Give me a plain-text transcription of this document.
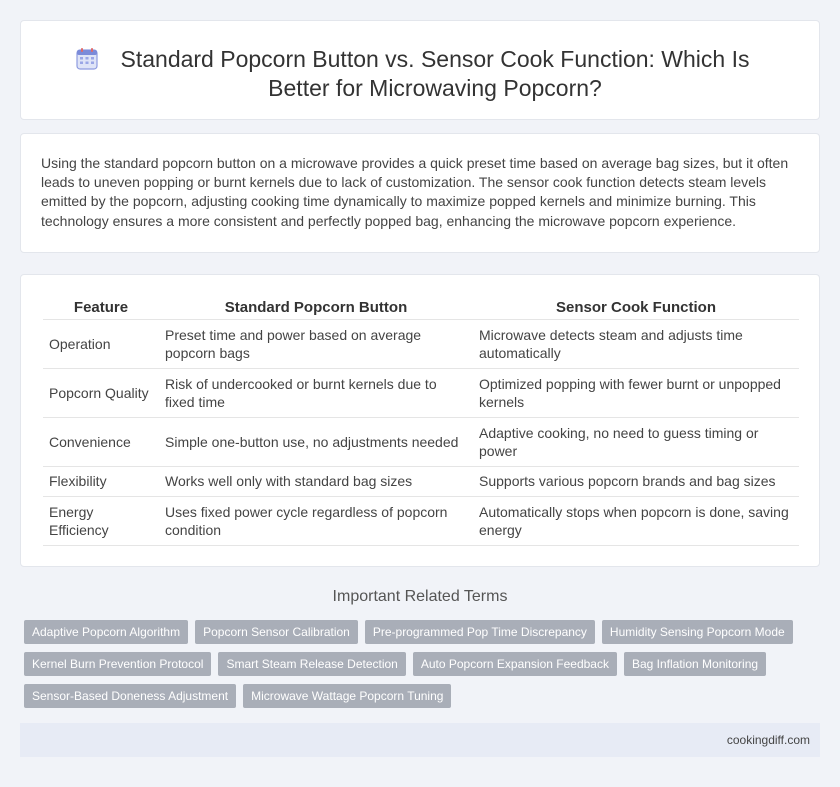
Standard Popcorn Button vs. Sensor Cook Function: Which Is Better for Microwaving Popcorn?

Using the standard popcorn button on a microwave provides a quick preset time based on average bag sizes, but it often leads to uneven popping or burnt kernels due to lack of customization. The sensor cook function detects steam levels emitted by the popcorn, adjusting cooking time dynamically to maximize popped kernels and minimize burning. This technology ensures a more consistent and perfectly popped bag, enhancing the microwave popcorn experience.

Feature	Standard Popcorn Button	Sensor Cook Function
Operation	Preset time and power based on average popcorn bags	Microwave detects steam and adjusts time automatically
Popcorn Quality	Risk of undercooked or burnt kernels due to fixed time	Optimized popping with fewer burnt or unpopped kernels
Convenience	Simple one-button use, no adjustments needed	Adaptive cooking, no need to guess timing or power
Flexibility	Works well only with standard bag sizes	Supports various popcorn brands and bag sizes
Energy Efficiency	Uses fixed power cycle regardless of popcorn condition	Automatically stops when popcorn is done, saving energy
Important Related Terms
Adaptive Popcorn Algorithm	Popcorn Sensor Calibration	Pre-programmed Pop Time Discrepancy	Humidity Sensing Popcorn Mode
Kernel Burn Prevention Protocol	Smart Steam Release Detection	Auto Popcorn Expansion Feedback	Bag Inflation Monitoring
Sensor-Based Doneness Adjustment	Microwave Wattage Popcorn Tuning
cookingdiff.com
